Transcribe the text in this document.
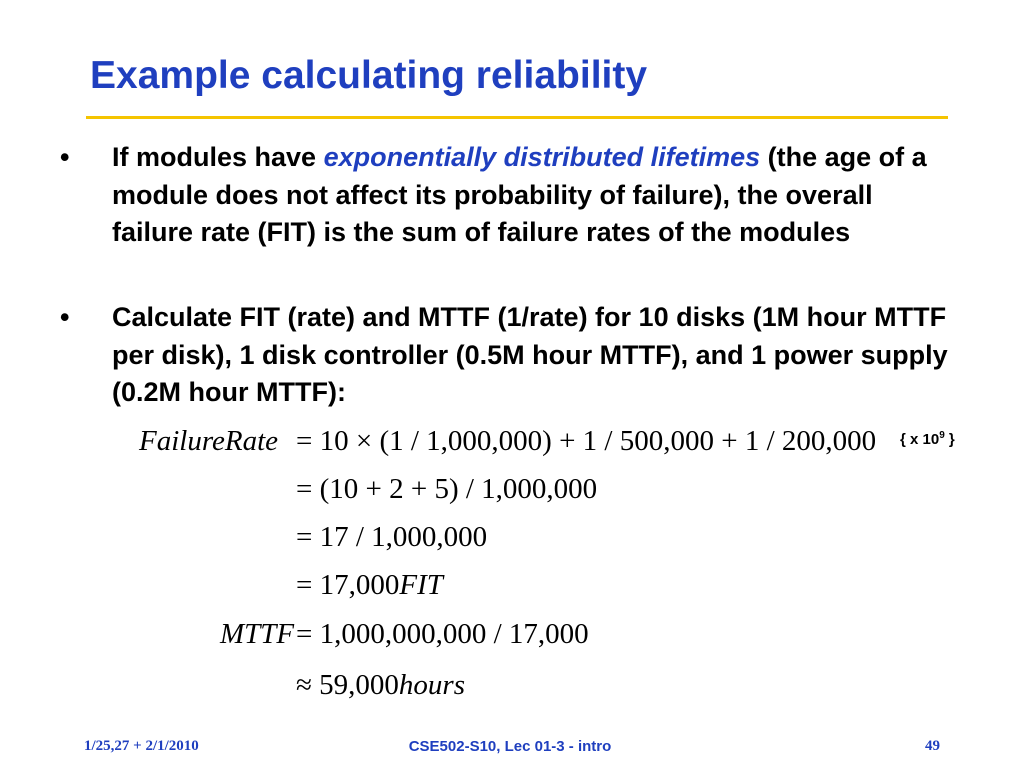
Example calculating reliability
• If modules have exponentially distributed lifetimes (the age of a module does not affect its probability of failure), the overall failure rate (FIT) is the sum of failure rates of the modules
• Calculate FIT (rate) and MTTF (1/rate) for 10 disks (1M hour MTTF per disk), 1 disk controller (0.5M hour MTTF), and 1 power supply (0.2M hour MTTF):
FailureRate = 10 × (1 / 1,000,000) + 1 / 500,000 + 1 / 200,000
= (10 + 2 + 5) / 1,000,000
= 17 / 1,000,000
= 17,000FIT
MTTF = 1,000,000,000 / 17,000
≈ 59,000hours
{ x $10^9$ }
1/25,27 + 2/1/2010	CSE502-S10, Lec 01-3 - intro	49
